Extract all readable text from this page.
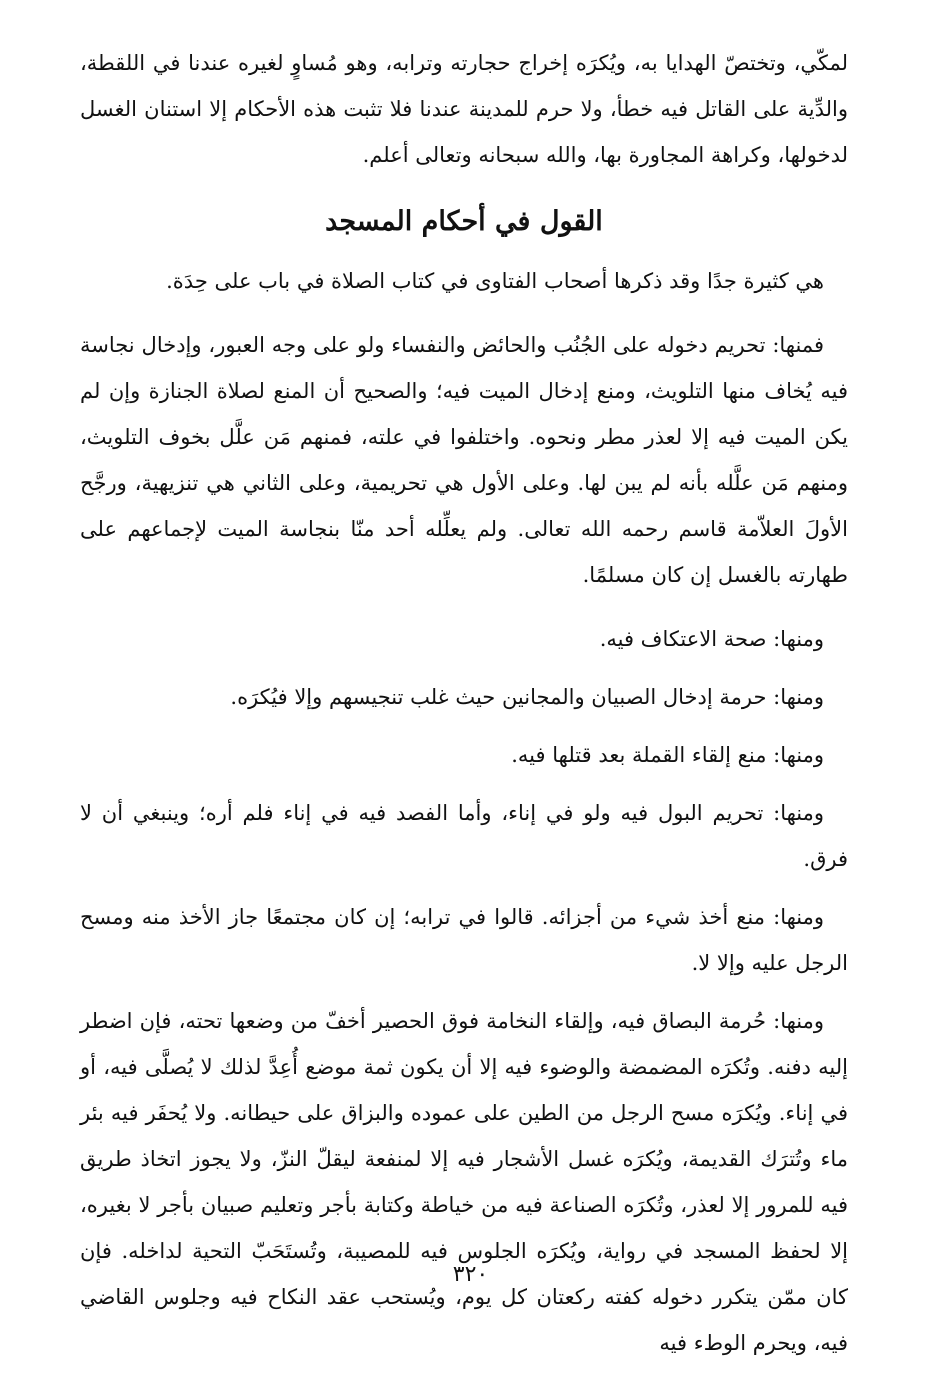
لمكّي، وتختصّ الهدايا به، ويُكرَه إخراج حجارته وترابه، وهو مُساوٍ لغيره عندنا في اللقطة، والدِّية على القاتل فيه خطأ، ولا حرم للمدينة عندنا فلا تثبت هذه الأحكام إلا استنان الغسل لدخولها، وكراهة المجاورة بها، والله سبحانه وتعالى أعلم.

القول في أحكام المسجد

هي كثيرة جدًا وقد ذكرها أصحاب الفتاوى في كتاب الصلاة في باب على حِدَة.

فمنها: تحريم دخوله على الجُنُب والحائض والنفساء ولو على وجه العبور، وإدخال نجاسة فيه يُخاف منها التلويث، ومنع إدخال الميت فيه؛ والصحيح أن المنع لصلاة الجنازة وإن لم يكن الميت فيه إلا لعذر مطر ونحوه. واختلفوا في علته، فمنهم مَن علَّل بخوف التلويث، ومنهم مَن علَّله بأنه لم يبن لها. وعلى الأول هي تحريمية، وعلى الثاني هي تنزيهية، ورجَّح الأولَ العلاّمة قاسم رحمه الله تعالى. ولم يعلِّله أحد منّا بنجاسة الميت لإجماعهم على طهارته بالغسل إن كان مسلمًا.

ومنها: صحة الاعتكاف فيه.

ومنها: حرمة إدخال الصبيان والمجانين حيث غلب تنجيسهم وإلا فيُكرَه.

ومنها: منع إلقاء القملة بعد قتلها فيه.

ومنها: تحريم البول فيه ولو في إناء، وأما الفصد فيه في إناء فلم أره؛ وينبغي أن لا فرق.

ومنها: منع أخذ شيء من أجزائه. قالوا في ترابه؛ إن كان مجتمعًا جاز الأخذ منه ومسح الرجل عليه وإلا لا.

ومنها: حُرمة البصاق فيه، وإلقاء النخامة فوق الحصير أخفّ من وضعها تحته، فإن اضطر إليه دفنه. وتُكرَه المضمضة والوضوء فيه إلا أن يكون ثمة موضع أُعِدَّ لذلك لا يُصلَّى فيه، أو في إناء. ويُكرَه مسح الرجل من الطين على عموده والبزاق على حيطانه. ولا يُحفَر فيه بئر ماء وتُترَك القديمة، ويُكرَه غسل الأشجار فيه إلا لمنفعة ليقلّ النزّ، ولا يجوز اتخاذ طريق فيه للمرور إلا لعذر، وتُكرَه الصناعة فيه من خياطة وكتابة بأجر وتعليم صبيان بأجر لا بغيره، إلا لحفظ المسجد في رواية، ويُكرَه الجلوس فيه للمصيبة، وتُستَحَبّ التحية لداخله. فإن كان ممّن يتكرر دخوله كفته ركعتان كل يوم، ويُستحب عقد النكاح فيه وجلوس القاضي فيه، ويحرم الوطء فيه

٣٢٠
